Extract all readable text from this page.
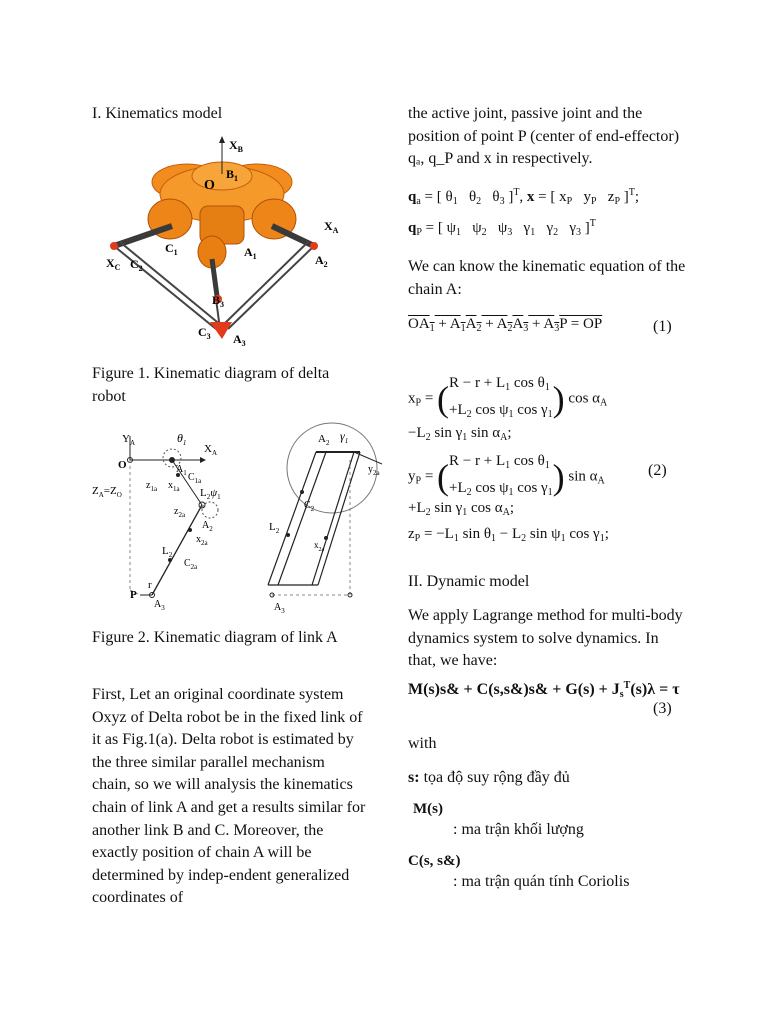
I. Kinematics model

$X_B$
O
$B_1$
$X_A$
$X_C$ $C_2$
$C_1$	$A_1$	$A_2$
$B_3$
$C_3$ $A_3$

Figure 1. Kinematic diagram of delta robot

$Y_A$	$\theta_1$ $X_A$
O	$A_1$ $C_{1a}$
$Z_A=Z_O$
$z_{1a}$ $x_{1a}$ $L_2\psi_1$
$z_{2a}$
$A_2$
$x_{2a}$
$L_2$
$C_{2a}$
r
P
$A_3$
$A_2$ $\gamma_1$
$y_{2a}$
$C_2$
$L_2$
$x_{2a}$
$A_3$

Figure 2. Kinematic diagram of link A

First, Let an original coordinate system Oxyz of Delta robot be in the fixed link of it as Fig.1(a). Delta robot is estimated by the three similar parallel mechanism chain, so we will analysis the kinematics chain of link A and get a results similar for another link B and C. Moreover, the exactly position of chain A will be determined by indep-endent generalized coordinates of

the active joint, passive joint and the position of point P (center of end-effector) qₐ, q_P and x in respectively.

$q_a$ = [ $\theta_1$   $\theta_2$   $\theta_3$ ]$^T$, x = [ $x_P$   $y_P$   $z_P$ ]$^T$;
$q_P$ = [ $\psi_1$   $\psi_2$   $\psi_3$   $\gamma_1$   $\gamma_2$   $\gamma_3$ ]$^T$

We can know the kinematic equation of the chain A:

$OA_1 + A_1A_2 + A_2A_3 + A_3P$ = OP	(1)
$x_P = (R - r + L_1$ $\cos \theta_1$
$+L_2$ $\cos \psi_1$ $\cos \gamma_1$) $\cos \alpha_A$
$-L_2$ $\sin \gamma_1$ $\sin \alpha_A$;
$y_P = (R - r + L_1$ $\cos \theta_1$
$+L_2$ $\cos \psi_1$ $\cos \gamma_1$) $\sin \alpha_A$
(2)
$+L_2$ $\sin \gamma_1$ $\cos \alpha_A$;
$z_P = -L_1$ $\sin \theta_1 - L_2$ $\sin \psi_1$ $\cos \gamma_1$;

II. Dynamic model

We apply Lagrange method for multi-body dynamics system to solve dynamics. In that, we have:

M(s)s& + C(s,s&)s& + $G(s) + J_s^T(s)\lambda = \tau$
(3)

with

s: tọa độ suy rộng đầy đủ

M(s)

: ma trận khối lượng

C(s, s&)

: ma trận quán tính Coriolis
